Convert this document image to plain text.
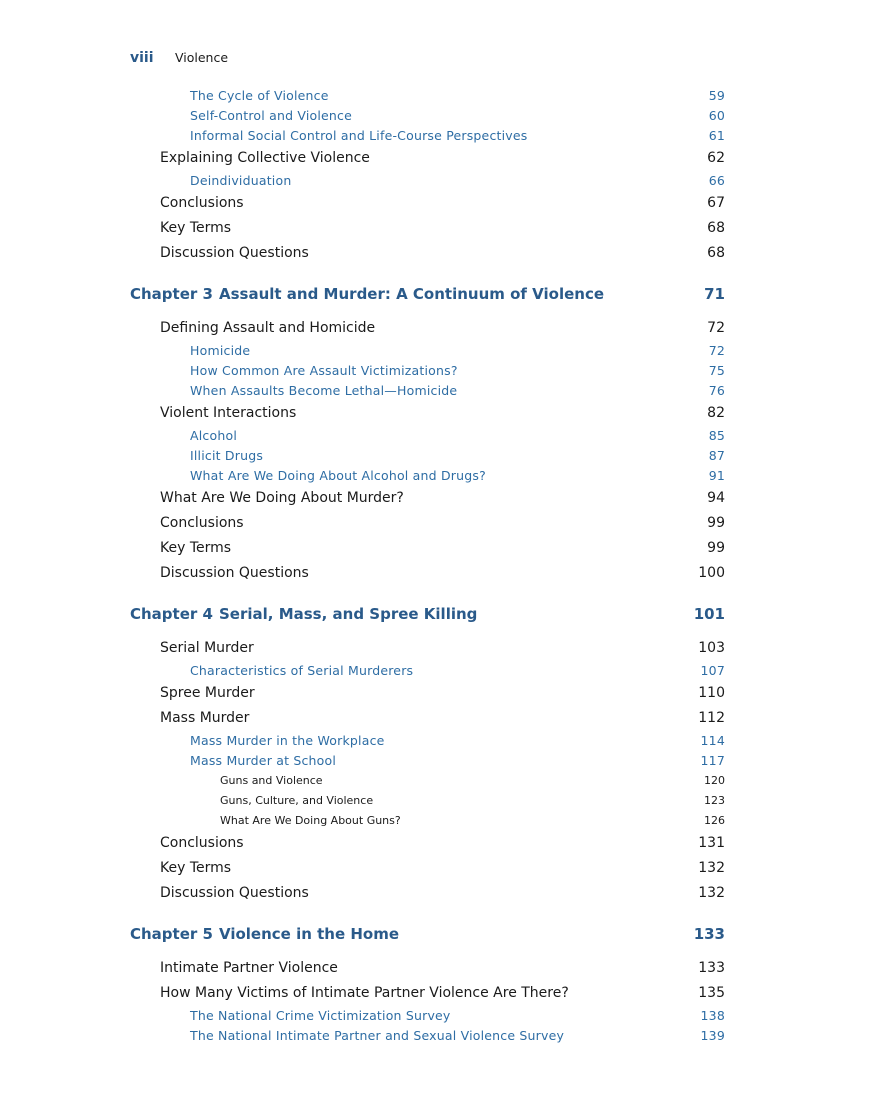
viii	Violence
The Cycle of Violence	59
Self-Control and Violence	60
Informal Social Control and Life-Course Perspectives	61
Explaining Collective Violence	62
Deindividuation	66
Conclusions	67
Key Terms	68
Discussion Questions	68
Chapter 3 Assault and Murder: A Continuum of Violence	71
Defining Assault and Homicide	72
Homicide	72
How Common Are Assault Victimizations?	75
When Assaults Become Lethal—Homicide	76
Violent Interactions	82
Alcohol	85
Illicit Drugs	87
What Are We Doing About Alcohol and Drugs?	91
What Are We Doing About Murder?	94
Conclusions	99
Key Terms	99
Discussion Questions	100
Chapter 4 Serial, Mass, and Spree Killing	101
Serial Murder	103
Characteristics of Serial Murderers	107
Spree Murder	110
Mass Murder	112
Mass Murder in the Workplace	114
Mass Murder at School	117
Guns and Violence	120
Guns, Culture, and Violence	123
What Are We Doing About Guns?	126
Conclusions	131
Key Terms	132
Discussion Questions	132
Chapter 5 Violence in the Home	133
Intimate Partner Violence	133
How Many Victims of Intimate Partner Violence Are There?	135
The National Crime Victimization Survey	138
The National Intimate Partner and Sexual Violence Survey	139
